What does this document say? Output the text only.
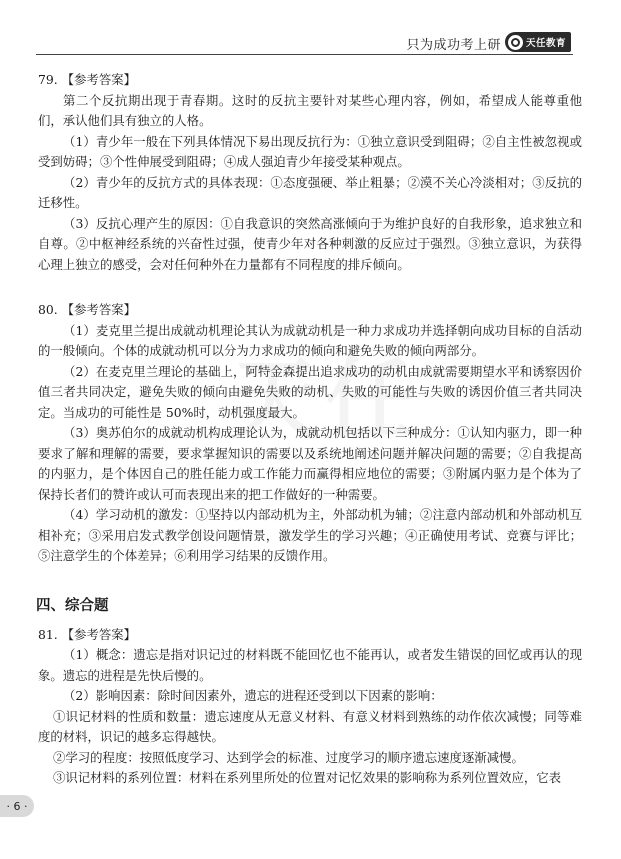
只为成功考上研	天任教育

79. 【参考答案】

第二个反抗期出现于青春期。这时的反抗主要针对某些心理内容，例如，希望成人能尊重他们，承认他们具有独立的人格。

（1）青少年一般在下列具体情况下易出现反抗行为：①独立意识受到阻碍；②自主性被忽视或受到妨碍；③个性伸展受到阻碍；④成人强迫青少年接受某种观点。

（2）青少年的反抗方式的具体表现：①态度强硬、举止粗暴；②漠不关心冷淡相对；③反抗的迁移性。

（3）反抗心理产生的原因：①自我意识的突然高涨倾向于为维护良好的自我形象，追求独立和自尊。②中枢神经系统的兴奋性过强，使青少年对各种刺激的反应过于强烈。③独立意识，为获得心理上独立的感受，会对任何种外在力量都有不同程度的排斥倾向。

80. 【参考答案】

（1）麦克里兰提出成就动机理论其认为成就动机是一种力求成功并选择朝向成功目标的自活动的一般倾向。个体的成就动机可以分为力求成功的倾向和避免失败的倾向两部分。

（2）在麦克里兰理论的基础上，阿特金森提出追求成功的动机由成就需要期望水平和诱察因价值三者共同决定，避免失败的倾向由避免失败的动机、失败的可能性与失败的诱因价值三者共同决定。当成功的可能性是 50%时，动机强度最大。

（3）奥苏伯尔的成就动机构成理论认为，成就动机包括以下三种成分：①认知内驱力，即一种要求了解和理解的需要，要求掌握知识的需要以及系统地阐述问题并解决问题的需要；②自我提高的内驱力，是个体因自己的胜任能力或工作能力而赢得相应地位的需要；③附属内驱力是个体为了保持长者们的赞许或认可而表现出来的把工作做好的一种需要。

（4）学习动机的激发：①坚持以内部动机为主，外部动机为辅；②注意内部动机和外部动机互相补充；③采用启发式教学创设问题情景，激发学生的学习兴趣；④正确使用考试、竞赛与评比；⑤注意学生的个体差异；⑥利用学习结果的反馈作用。

四、综合题

81. 【参考答案】

（1）概念：遗忘是指对识记过的材料既不能回忆也不能再认，或者发生错误的回忆或再认的现象。遗忘的进程是先快后慢的。

（2）影响因素：除时间因素外，遗忘的进程还受到以下因素的影响：

①识记材料的性质和数量：遗忘速度从无意义材料、有意义材料到熟练的动作依次减慢；同等难度的材料，识记的越多忘得越快。

②学习的程度：按照低度学习、达到学会的标准、过度学习的顺序遗忘速度逐渐减慢。

③识记材料的系列位置：材料在系列里所处的位置对记忆效果的影响称为系列位置效应，它表

· 6 ·
